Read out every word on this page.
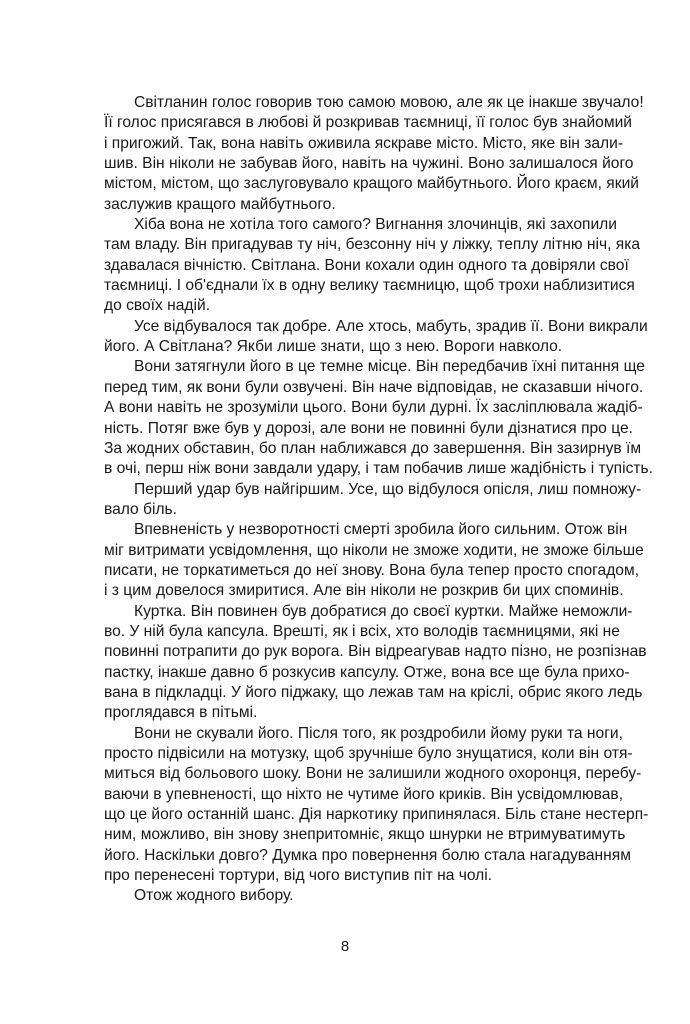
Світланин голос говорив тою самою мовою, але як це інакше звучало!
Її голос присягався в любові й розкривав таємниці, її голос був знайомий
і пригожий. Так, вона навіть оживила яскраве місто. Місто, яке він зали-
шив. Він ніколи не забував його, навіть на чужині. Воно залишалося його
містом, містом, що заслуговувало кращого майбутнього. Його краєм, який
заслужив кращого майбутнього.
Хіба вона не хотіла того самого? Вигнання злочинців, які захопили
там владу. Він пригадував ту ніч, безсонну ніч у ліжку, теплу літню ніч, яка
здавалася вічністю. Світлана. Вони кохали один одного та довіряли свої
таємниці. І об'єднали їх в одну велику таємницю, щоб трохи наблизитися
до своїх надій.
Усе відбувалося так добре. Але хтось, мабуть, зрадив її. Вони викрали
його. А Світлана? Якби лише знати, що з нею. Вороги навколо.
Вони затягнули його в це темне місце. Він передбачив їхні питання ще
перед тим, як вони були озвучені. Він наче відповідав, не сказавши нічого.
А вони навіть не зрозуміли цього. Вони були дурні. Їх засліплювала жадіб-
ність. Потяг вже був у дорозі, але вони не повинні були дізнатися про це.
За жодних обставин, бо план наближався до завершення. Він зазирнув їм
в очі, перш ніж вони завдали удару, і там побачив лише жадібність і тупість.
Перший удар був найгіршим. Усе, що відбулося опісля, лиш помножу-
вало біль.
Впевненість у незворотності смерті зробила його сильним. Отож він
міг витримати усвідомлення, що ніколи не зможе ходити, не зможе більше
писати, не торкатиметься до неї знову. Вона була тепер просто спогадом,
і з цим довелося змиритися. Але він ніколи не розкрив би цих споминів.
Куртка. Він повинен був добратися до своєї куртки. Майже неможли-
во. У ній була капсула. Врешті, як і всіх, хто володів таємницями, які не
повинні потрапити до рук ворога. Він відреагував надто пізно, не розпізнав
пастку, інакше давно б розкусив капсулу. Отже, вона все ще була прихо-
вана в підкладці. У його піджаку, що лежав там на кріслі, обрис якого ледь
проглядався в пітьмі.
Вони не скували його. Після того, як роздробили йому руки та ноги,
просто підвісили на мотузку, щоб зручніше було знущатися, коли він отя-
миться від больового шоку. Вони не залишили жодного охоронця, перебу-
ваючи в упевненості, що ніхто не чутиме його криків. Він усвідомлював,
що це його останній шанс. Дія наркотику припинялася. Біль стане нестерп-
ним, можливо, він знову знепритомніє, якщо шнурки не втримуватимуть
його. Наскільки довго? Думка про повернення болю стала нагадуванням
про перенесені тортури, від чого виступив піт на чолі.
Отож жодного вибору.
8
